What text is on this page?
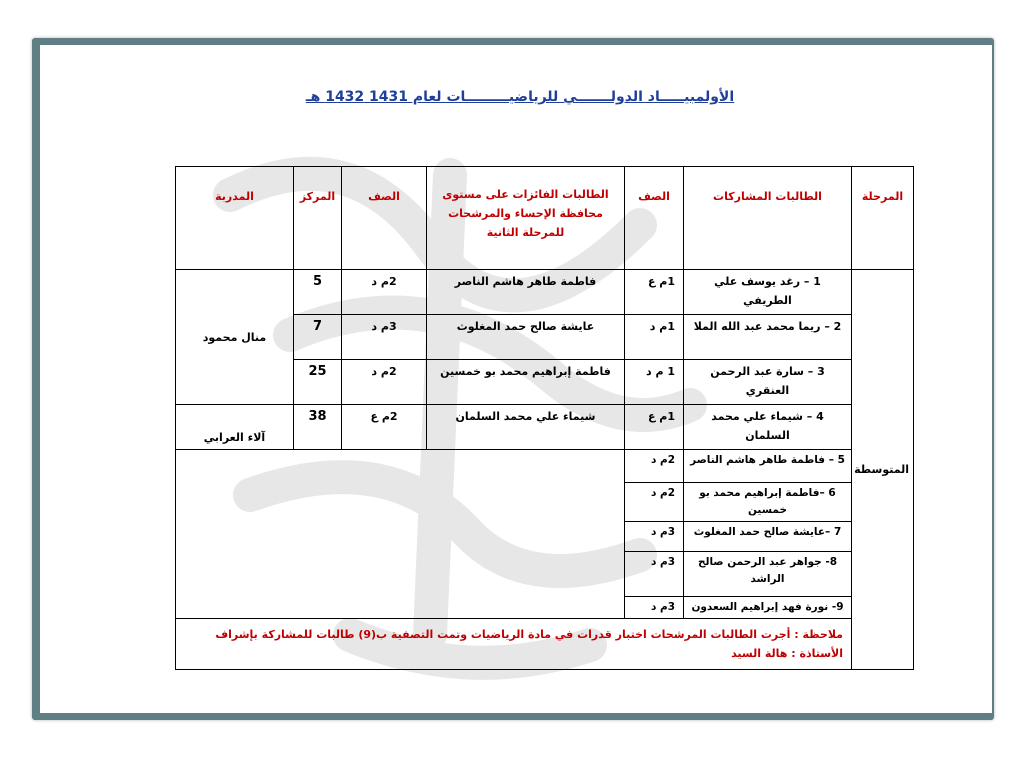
الأولمبيـــــاد الدولـــــــي للرياضيـــــــــات لعام 1431 1432 هـ
المرحلة	الطالبات المشاركات	الصف	الطالبات الفائزات على مستوى محافظة الإحساء والمرشحات للمرحلة الثانية	الصف	المركز	المدربة
المتوسطة	1 – رغد يوسف علي الطريفي	1م ع	فاطمة طاهر هاشم الناصر	2م د	5	منال محمود
	2 – ريما محمد عبد الله الملا	1م د	عايشة صالح حمد المغلوث	3م د	7	
	3 – سارة عبد الرحمن العنقري	1 م د	فاطمة إبراهيم محمد بو خمسين	2م د	25	
	4 – شيماء علي محمد السلمان	1م ع	شيماء علي محمد السلمان	2م ع	38	آلاء العرابي
	5 – فاطمة طاهر هاشم الناصر	2م د				
	6 –فاطمة إبراهيم محمد بو خمسين	2م د				
	7 –عايشة صالح حمد المغلوث	3م د				
	8- جواهر عبد الرحمن صالح الراشد	3م د				
	9- نورة فهد إبراهيم السعدون	3م د				
	ملاحظة : أجرت الطالبات المرشحات اختبار قدرات في مادة الرياضيات وتمت التصفية ب(9) طالبات للمشاركة بإشراف الأستاذة : هالة السيد					
